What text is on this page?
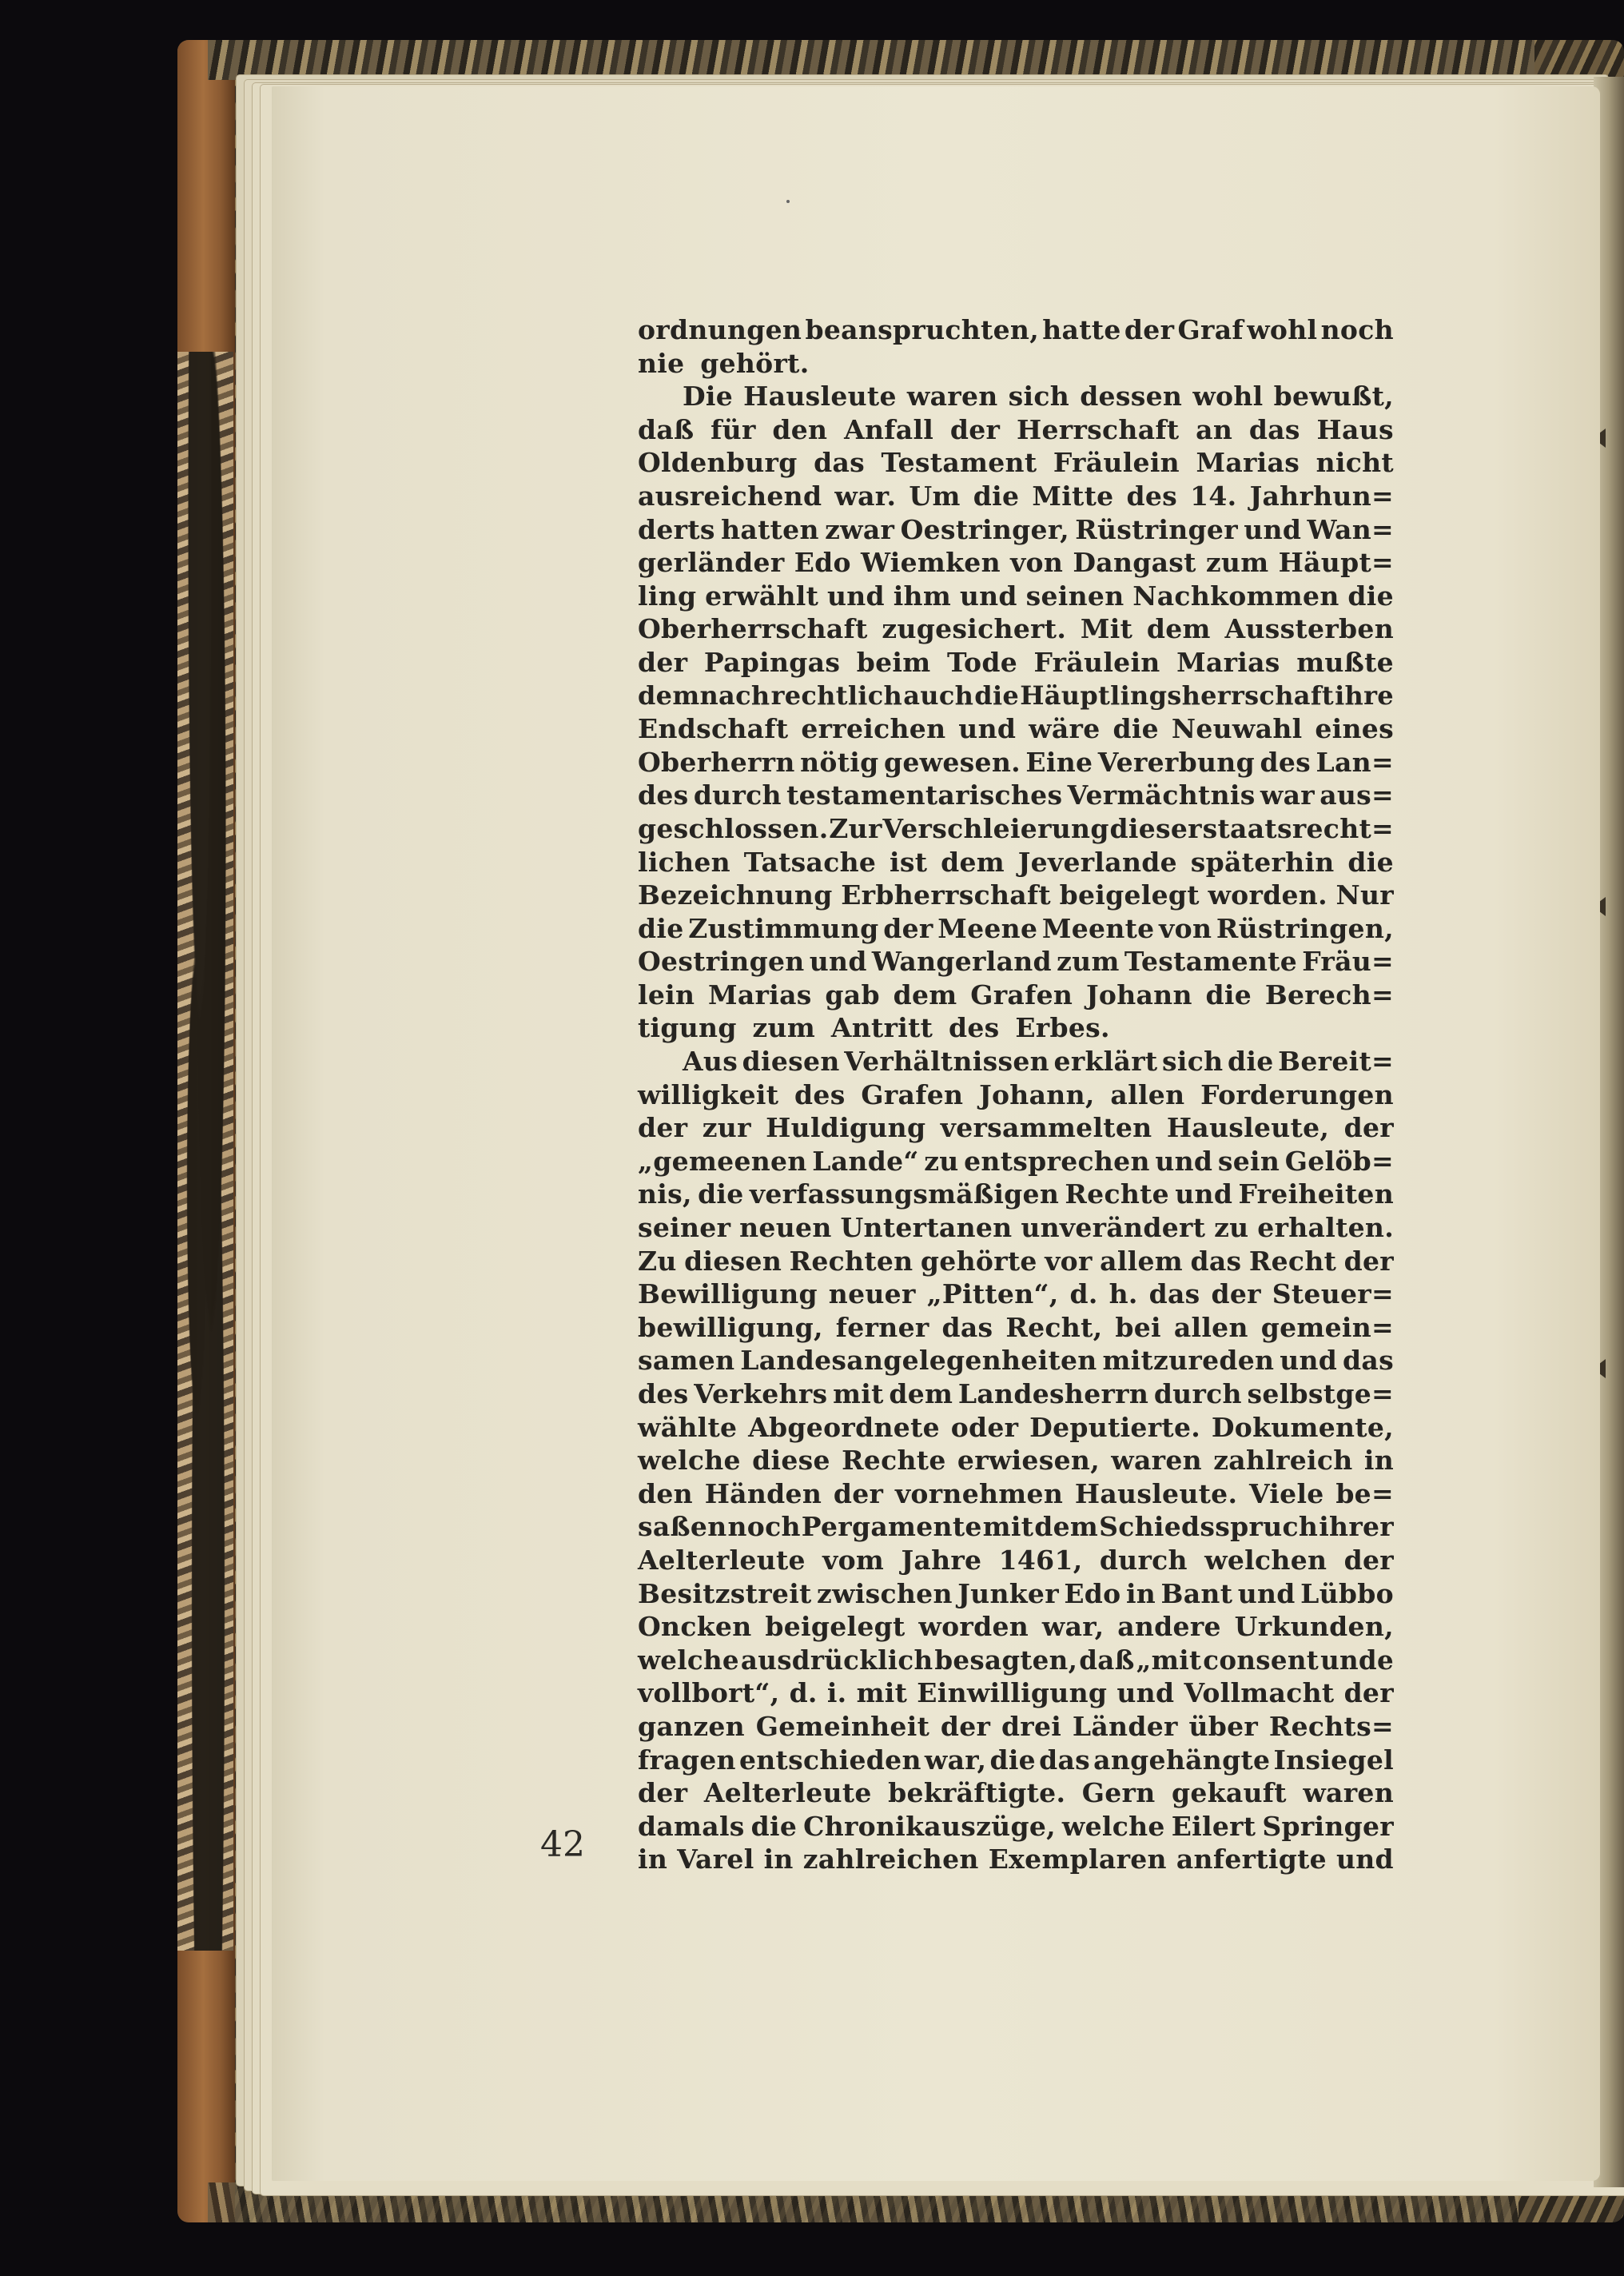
ordnungen beanspruchten, hatte der Graf wohl noch
nie gehört.
Die Hausleute waren sich dessen wohl bewußt,
daß für den Anfall der Herrschaft an das Haus
Oldenburg das Testament Fräulein Marias nicht
ausreichend war. Um die Mitte des 14. Jahrhun=
derts hatten zwar Oestringer, Rüstringer und Wan=
gerländer Edo Wiemken von Dangast zum Häupt=
ling erwählt und ihm und seinen Nachkommen die
Oberherrschaft zugesichert. Mit dem Aussterben
der Papingas beim Tode Fräulein Marias mußte
demnach rechtlich auch die Häuptlingsherrschaft ihre
Endschaft erreichen und wäre die Neuwahl eines
Oberherrn nötig gewesen. Eine Vererbung des Lan=
des durch testamentarisches Vermächtnis war aus=
geschlossen. Zur Verschleierung dieser staatsrecht=
lichen Tatsache ist dem Jeverlande späterhin die
Bezeichnung Erbherrschaft beigelegt worden. Nur
die Zustimmung der Meene Meente von Rüstringen,
Oestringen und Wangerland zum Testamente Fräu=
lein Marias gab dem Grafen Johann die Berech=
tigung zum Antritt des Erbes.
Aus diesen Verhältnissen erklärt sich die Bereit=
willigkeit des Grafen Johann, allen Forderungen
der zur Huldigung versammelten Hausleute, der
„gemeenen Lande“ zu entsprechen und sein Gelöb=
nis, die verfassungsmäßigen Rechte und Freiheiten
seiner neuen Untertanen unverändert zu erhalten.
Zu diesen Rechten gehörte vor allem das Recht der
Bewilligung neuer „Pitten“, d. h. das der Steuer=
bewilligung, ferner das Recht, bei allen gemein=
samen Landesangelegenheiten mitzureden und das
des Verkehrs mit dem Landesherrn durch selbstge=
wählte Abgeordnete oder Deputierte. Dokumente,
welche diese Rechte erwiesen, waren zahlreich in
den Händen der vornehmen Hausleute. Viele be=
saßen noch Pergamente mit dem Schiedsspruch ihrer
Aelterleute vom Jahre 1461, durch welchen der
Besitzstreit zwischen Junker Edo in Bant und Lübbo
Oncken beigelegt worden war, andere Urkunden,
welche ausdrücklich besagten, daß „mit consent unde
vollbort“, d. i. mit Einwilligung und Vollmacht der
ganzen Gemeinheit der drei Länder über Rechts=
fragen entschieden war, die das angehängte Insiegel
der Aelterleute bekräftigte. Gern gekauft waren
damals die Chronikauszüge, welche Eilert Springer
in Varel in zahlreichen Exemplaren anfertigte und
42
